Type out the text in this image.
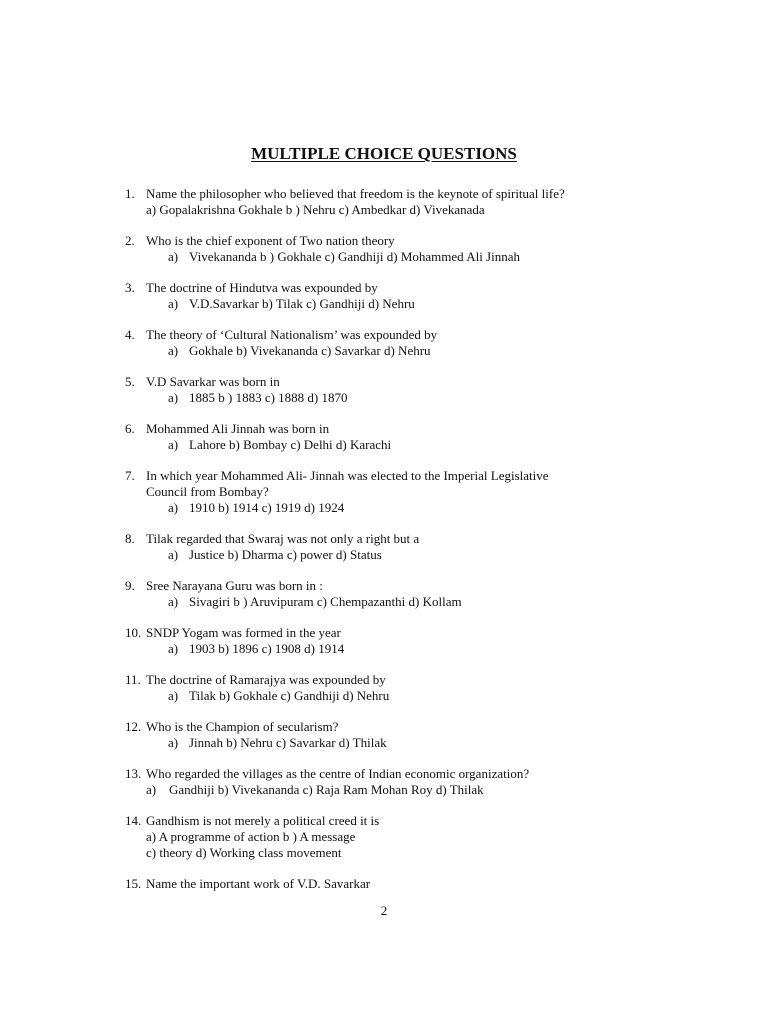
MULTIPLE CHOICE QUESTIONS
1. Name the philosopher who believed that freedom is the keynote of spiritual life?
a) Gopalakrishna Gokhale b ) Nehru c) Ambedkar d) Vivekanada
2. Who is the chief exponent of Two nation theory
a) Vivekananda b ) Gokhale c) Gandhiji d) Mohammed Ali Jinnah
3. The doctrine of Hindutva was expounded by
a) V.D.Savarkar b) Tilak c) Gandhiji d) Nehru
4. The theory of ‘Cultural Nationalism’ was expounded by
a) Gokhale b) Vivekananda c) Savarkar d) Nehru
5. V.D Savarkar was born in
a) 1885 b ) 1883 c) 1888 d) 1870
6. Mohammed Ali Jinnah was born in
a) Lahore b) Bombay c) Delhi d) Karachi
7. In which year Mohammed Ali- Jinnah was elected to the Imperial Legislative
Council from Bombay?
a) 1910 b) 1914 c) 1919 d) 1924
8. Tilak regarded that Swaraj was not only a right but a
a) Justice b) Dharma c) power d) Status
9. Sree Narayana Guru was born in :
a) Sivagiri b ) Aruvipuram c) Chempazanthi d) Kollam
10. SNDP Yogam was formed in the year
a) 1903 b) 1896 c) 1908 d) 1914
11. The doctrine of Ramarajya was expounded by
a) Tilak b) Gokhale c) Gandhiji d) Nehru
12. Who is the Champion of secularism?
a) Jinnah b) Nehru c) Savarkar d) Thilak
13. Who regarded the villages as the centre of Indian economic organization?
a) Gandhiji b) Vivekananda c) Raja Ram Mohan Roy d) Thilak
14. Gandhism is not merely a political creed it is
a) A programme of action b ) A message
c) theory d) Working class movement
15. Name the important work of V.D. Savarkar
2
